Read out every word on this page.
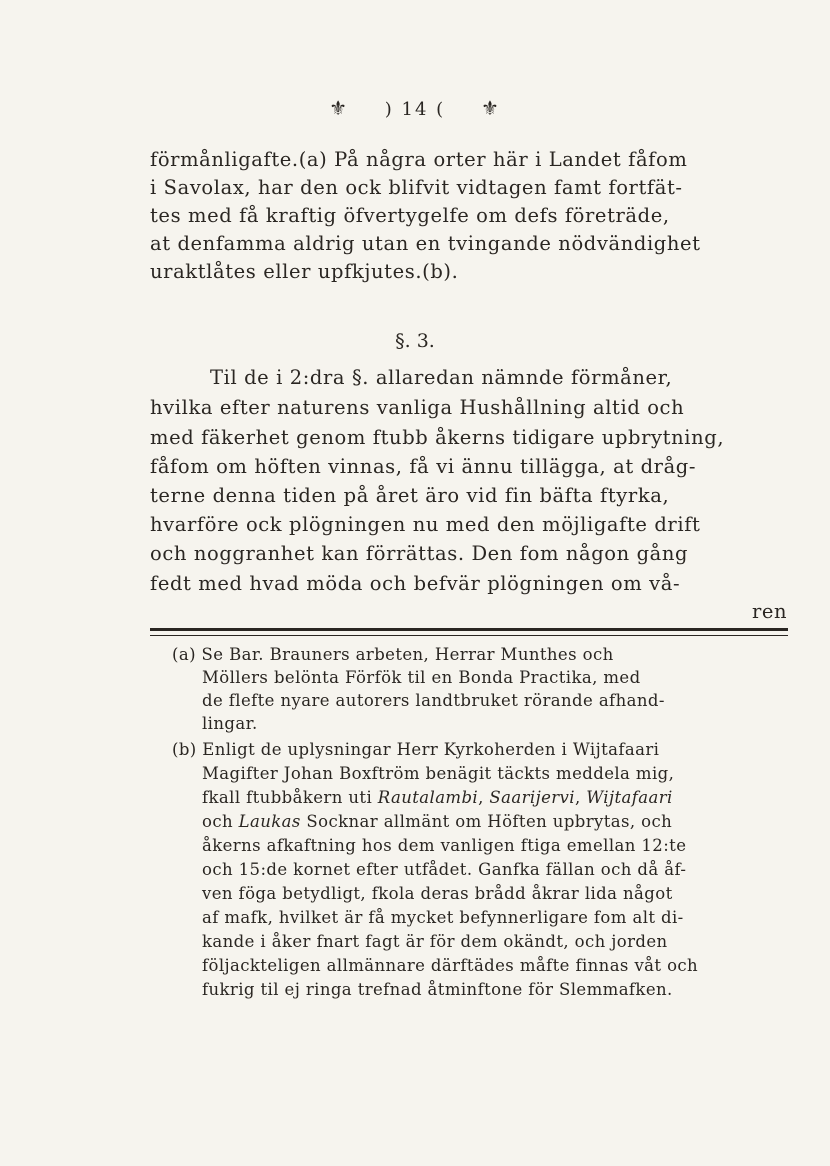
⚜ ) 14 ( ⚜
förmånligafte.(a) På några orter här i Landet fåfom
i Savolax, har den ock blifvit vidtagen famt fortfät-
tes med få kraftig öfvertygelfe om defs företräde,
at denfamma aldrig utan en tvingande nödvändighet
uraktlåtes eller upfkjutes.(b).
§. 3.
Til de i 2:dra §. allaredan nämnde förmåner,
hvilka efter naturens vanliga Hushållning altid och
med fäkerhet genom ftubb åkerns tidigare upbrytning,
fåfom om höften vinnas, få vi ännu tillägga, at dråg-
terne denna tiden på året äro vid fin bäfta ftyrka,
hvarföre ock plögningen nu med den möjligafte drift
och noggranhet kan förrättas. Den fom någon gång
fedt med hvad möda och befvär plögningen om vå-
ren
(a) Se Bar. Brauners arbeten, Herrar Munthes och
Möllers belönta Förfök til en Bonda Practika, med
de flefte nyare autorers landtbruket rörande afhand-
lingar.
(b) Enligt de uplysningar Herr Kyrkoherden i Wijtafaari
Magifter Johan Boxftröm benägit täckts meddela mig,
fkall ftubbåkern uti Rautalambi, Saarijervi, Wijtafaari
och Laukas Socknar allmänt om Höften upbrytas, och
åkerns afkaftning hos dem vanligen ftiga emellan 12:te
och 15:de kornet efter utfådet. Ganfka fällan och då åf-
ven föga betydligt, fkola deras brådd åkrar lida något
af mafk, hvilket är få mycket befynnerligare fom alt di-
kande i åker fnart fagt är för dem okändt, och jorden
följackteligen allmännare därftädes måfte finnas våt och
fukrig til ej ringa trefnad åtminftone för Slemmafken.
